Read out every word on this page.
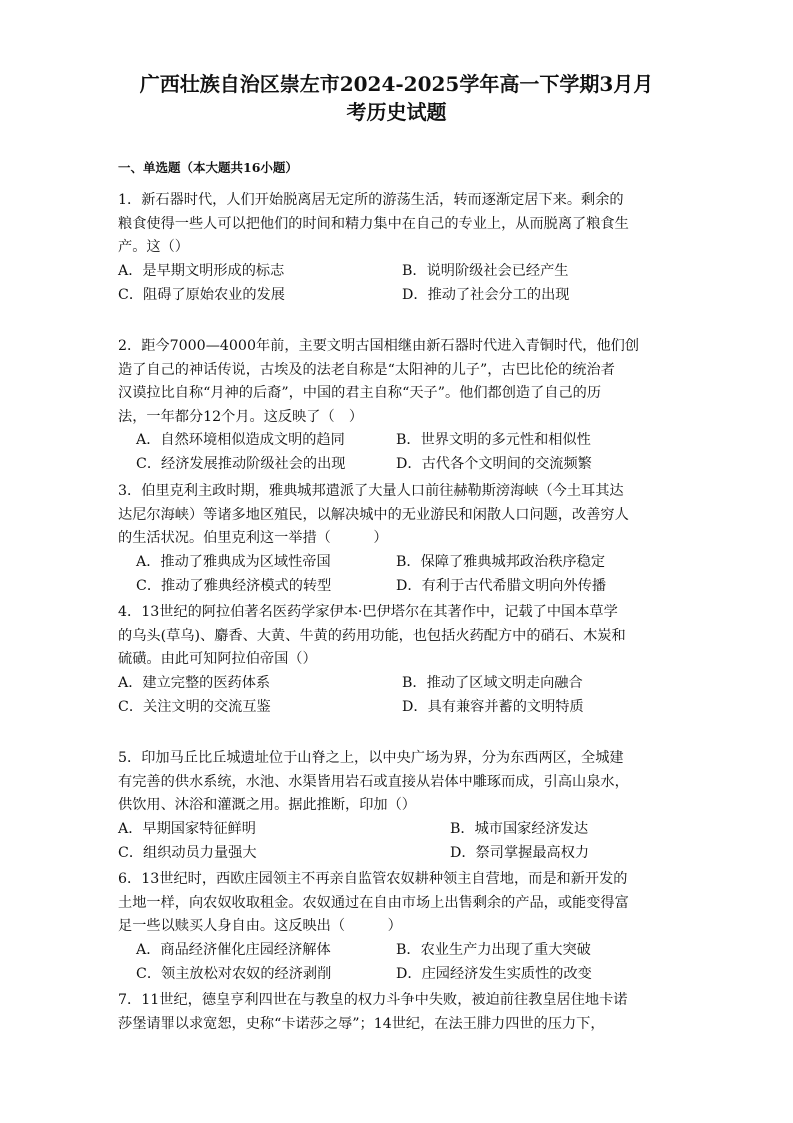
广西壮族自治区崇左市2024-2025学年高一下学期3月月
考历史试题
一、单选题（本大题共16小题）

1．新石器时代，人们开始脱离居无定所的游荡生活，转而逐渐定居下来。剩余的

粮食使得一些人可以把他们的时间和精力集中在自己的专业上，从而脱离了粮食生

产。这（）

A．是早期文明形成的标志	B．说明阶级社会已经产生
C．阻碍了原始农业的发展	D．推动了社会分工的出现

2．距今7000—4000年前，主要文明古国相继由新石器时代进入青铜时代，他们创

造了自己的神话传说，古埃及的法老自称是“太阳神的儿子”，古巴比伦的统治者

汉谟拉比自称“月神的后裔”，中国的君主自称“天子”。他们都创造了自己的历

法，一年都分12个月。这反映了（　）

A．自然环境相似造成文明的趋同	B．世界文明的多元性和相似性
C．经济发展推动阶级社会的出现	D．古代各个文明间的交流频繁

3．伯里克利主政时期，雅典城邦遣派了大量人口前往赫勒斯滂海峡（今土耳其达

达尼尔海峡）等诸多地区殖民，以解决城中的无业游民和闲散人口问题，改善穷人

的生活状况。伯里克利这一举措（　　　）

A．推动了雅典成为区域性帝国	B．保障了雅典城邦政治秩序稳定
C．推动了雅典经济模式的转型	D．有利于古代希腊文明向外传播

4．13世纪的阿拉伯著名医药学家伊本·巴伊塔尔在其著作中，记载了中国本草学

的乌头(草乌)、麝香、大黄、牛黄的药用功能，也包括火药配方中的硝石、木炭和

硫磺。由此可知阿拉伯帝国（）

A．建立完整的医药体系	B．推动了区域文明走向融合
C．关注文明的交流互鉴	D．具有兼容并蓄的文明特质

5．印加马丘比丘城遗址位于山脊之上，以中央广场为界，分为东西两区，全城建

有完善的供水系统，水池、水渠皆用岩石或直接从岩体中雕琢而成，引高山泉水，

供饮用、沐浴和灌溉之用。据此推断，印加（）

A．早期国家特征鲜明	B．城市国家经济发达
C．组织动员力量强大	D．祭司掌握最高权力

6．13世纪时，西欧庄园领主不再亲自监管农奴耕种领主自营地，而是和新开发的

土地一样，向农奴收取租金。农奴通过在自由市场上出售剩余的产品，或能变得富

足一些以赎买人身自由。这反映出（　　　）

A．商品经济催化庄园经济解体	B．农业生产力出现了重大突破
C．领主放松对农奴的经济剥削	D．庄园经济发生实质性的改变

7．11世纪，德皇亨利四世在与教皇的权力斗争中失败，被迫前往教皇居住地卡诺

莎堡请罪以求宽恕，史称“卡诺莎之辱”；14世纪，在法王腓力四世的压力下，
